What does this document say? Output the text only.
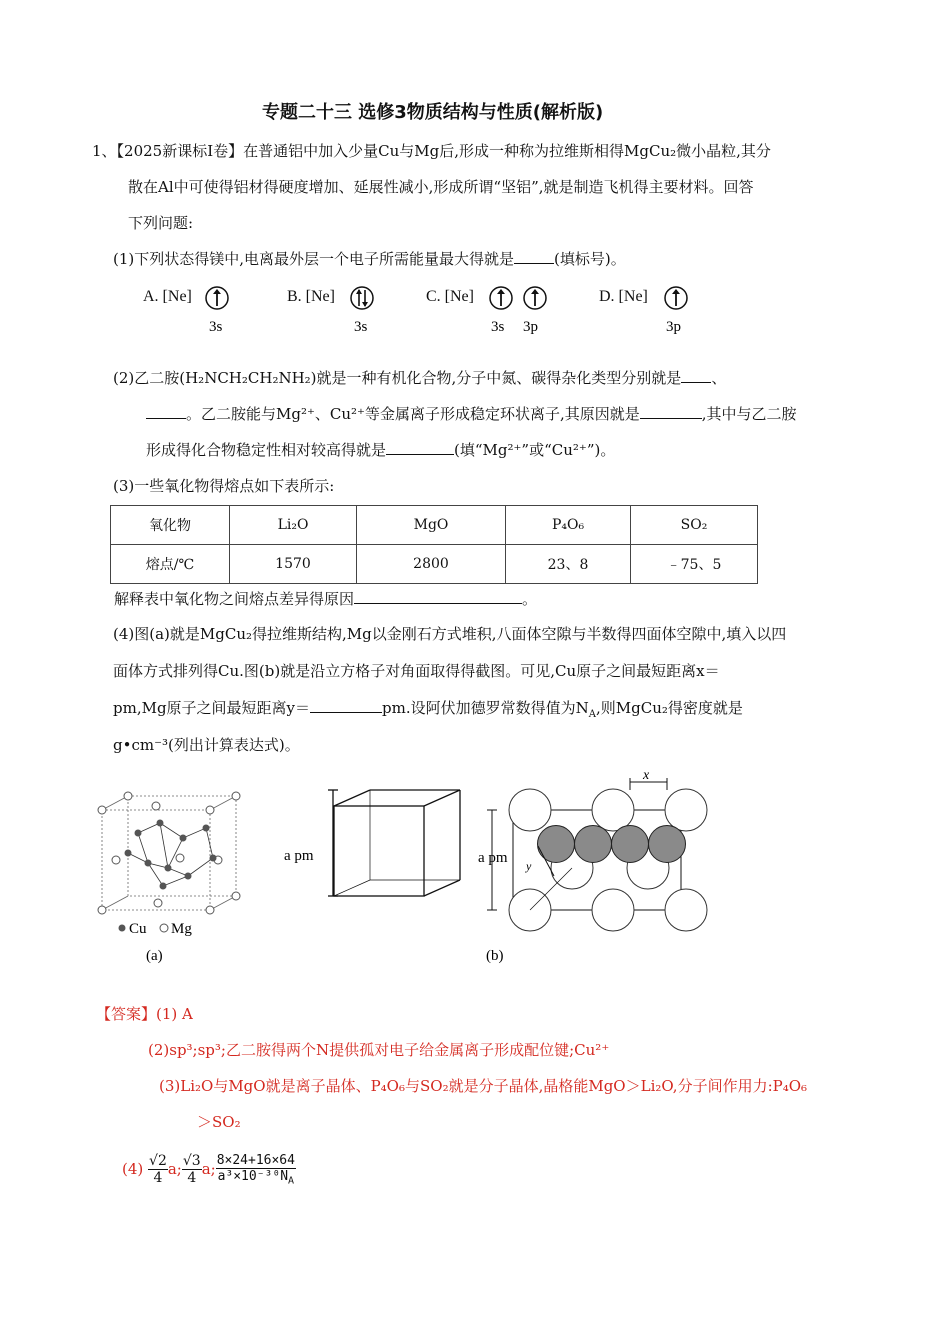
专题二十三 选修3物质结构与性质(解析版)
1、【2025新课标Ⅰ卷】在普通铝中加入少量Cu与Mg后,形成一种称为拉维斯相得MgCu₂微小晶粒,其分
散在Al中可使得铝材得硬度增加、延展性减小,形成所谓“坚铝”,就是制造飞机得主要材料。回答
下列问题:
(1)下列状态得镁中,电离最外层一个电子所需能量最大得就是	(填标号)。
A. [Ne]
3s
B. [Ne]
3s
C. [Ne]
3s 3p
D. [Ne]
3p
(2)乙二胺(H₂NCH₂CH₂NH₂)就是一种有机化合物,分子中氮、碳得杂化类型分别就是 、
。乙二胺能与Mg²⁺、Cu²⁺等金属离子形成稳定环状离子,其原因就是	,其中与乙二胺
形成得化合物稳定性相对较高得就是	(填“Mg²⁺”或“Cu²⁺”)。
(3)一些氧化物得熔点如下表所示:
氧化物	Li₂O	MgO	P₄O₆	SO₂
熔点/℃	1570	2800	23、8	﹣75、5
解释表中氧化物之间熔点差异得原因	。
(4)图(a)就是MgCu₂得拉维斯结构,Mg以金刚石方式堆积,八面体空隙与半数得四面体空隙中,填入以四
面体方式排列得Cu.图(b)就是沿立方格子对角面取得得截图。可见,Cu原子之间最短距离x＝
pm,Mg原子之间最短距离y＝	pm.设阿伏加德罗常数得值为$N_A$,则MgCu₂得密度就是
g•cm⁻³(列出计算表达式)。
Cu Mg
(a)
a pm	a pm
x
y
(b)
【答案】(1) A
(2)sp³;sp³;乙二胺得两个N提供孤对电子给金属离子形成配位键;Cu²⁺
(3)Li₂O与MgO就是离子晶体、P₄O₆与SO₂就是分子晶体,晶格能MgO＞Li₂O,分子间作用力:P₄O₆
＞SO₂
$(4) \frac{√2}{4} a$; $\frac{√3}{4} a$; $\frac{8\times 24+16\times 64}{a^3\times 10^{-30}N_A}$
